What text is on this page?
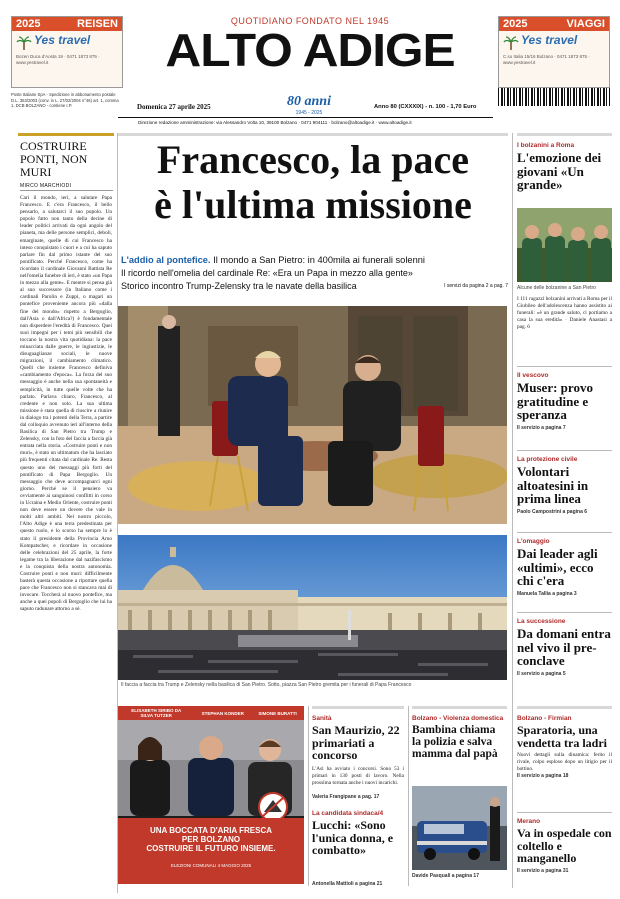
2025	REISEN
Yes travel
Bozen Duca d'Aosta 19 · 0471 1873 875 · www.yestravel.it
2025	VIAGGI
Yes travel
C.so Italia 15/16 Bolzano · 0471 1873 875 · www.yestravel.it
QUOTIDIANO FONDATO NEL 1945
ALTO ADIGE
Poste Italiane SpA - Spedizione in abbonamento postale D.L. 353/2003 (conv. in L. 27/02/2004 n°46) art. 1, comma 1, DCB BOLZANO - contiene I.P.	Domenica 27 aprile 2025	80 anni
1945 - 2025
Anno 80 (CXXXIX) - n. 100 - 1,70 Euro
Direzione redazione amministrazione: via Alessandro Volta 10, 39100 Bolzano · 0471 904111 · bolzano@altoadige.it · www.altoadige.it
COSTRUIRE PONTI, NON MURI
MIRCO MARCHIODI
Cari il mondo, ieri, a salutare Papa Francesco. E c'era Francesco, il bello pensarlo, a salutarci il suo popolo. Un popolo fatto non tanto della decine di leader politici arrivati da ogni angolo del pianeta, ma delle persone semplici, deboli, emarginate, quelle di cui Francesco ha inteso conquistato i cuori e a cui ha saputo parlare fin dal primo istante del suo pontificato. Perché Francesco, come ha ricordato il cardinale Giovanni Battista Re nell'omelia funebre di ieri, è stato «un Papa in mezzo alla gente». E mentre si pensa già al suo successore (in Italiano come i cardinali Parolin e Zuppi, o magari un pontefice proveniente ancora più «dalla fine del mondo» rispetto a Bergoglio, dall'Asia o dall'Africa?) è fondamentale non disperdere l'eredità di Francesco. Quei suoi impegni per i temi più sensibili che toccano la nostra vita quotidiana: la pace minacciata dalle guerre, le ingiustizie, le disuguaglianze sociali, le nuove migrazioni, il cambiamento climatico. Quelli che insieme Francesco definiva «cambiamento d'epoca». La forza del suo messaggio è anche nella sua spontaneità e semplicità, in tutte quelle volte che ha parlato. Parlava chiaro, Francesco, al credente e non solo. La sua ultima missione è stata quella di riuscire a riunire in dialogo tra i potenti della Terra, a partire dal colloquio avvenuto ieri all'interno della Basilica di San Pietro tra Trump e Zelensky, con la foto del faccia a faccia già entrata nella storia. «Costruire ponti e non muri», è stato un ultimatum che ha lasciato più frequenti citata dal cardinale Re. Resta questo uno dei messaggi più forti del pontificato di Papa Bergoglio. Un messaggio che deve accompagnarci ogni giorno. Perché se il pensiero va ovviamente ai sanguinosi conflitti in corso in Ucraina e Medio Oriente, costruire ponti non deve essere un dovere che vale in molti altri ambiti. Nel nostro piccolo, l'Alto Adige è una terra predestinata per questo ruolo, e lo scorso ha sempre lo è stato il presidente della Provincia Arno Kompatscher, e ricordare in occasione delle celebrazioni del 25 aprile, la forte legame tra la liberazione dal nazifascismo e la conquista della nostra autonomia. Costruire ponti e non muri: difficilmente basterà questa occasione a riportare quella pace che Francesco non si stancava mai di invocare. Toccherà al nuovo pontefice, ma anche a quei popoli di Bergoglio che lui ha saputo radunare attorno a sé.
Francesco, la pace
è l'ultima missione
L'addio al pontefice. Il mondo a San Pietro: in 400mila ai funerali solenni
Il ricordo nell'omelia del cardinale Re: «Era un Papa in mezzo alla gente»
Storico incontro Trump-Zelensky tra le navate della basilica	I servizi da pagina 2 a pag. 7
Il faccia a faccia tra Trump e Zelensky nella basilica di San Pietro. Sotto, piazza San Pietro gremita per i funerali di Papa Francesco
ELISABETH SIRIBO DA SILVA TUTZER	STEPHAN KONDER	SIMONE BURATTI
UNA BOCCATA D'ARIA FRESCA
PER BOLZANO
COSTRUIRE IL FUTURO INSIEME.
ELEZIONI COMUNALI 4 MAGGIO 2025
Sanità
San Maurizio, 22 primariati a concorso
L'Asl ha avviato i concorsi. Sono 53 i primari in 130 posti di lavoro. Nella prossima tornata anche i nuovi incarichi.
Valeria Frangipane a pag. 17
La candidata sindaca/4
Lucchi: «Sono l'unica donna, e combatto»
Antonella Mattioli a pagina 21
Bolzano - Violenza domestica
Bambina chiama la polizia e salva mamma dal papà
Davide Pasquali a pagina 17
I bolzanini a Roma
L'emozione dei giovani «Un grande»
Alcune delle bolzanine a San Pietro
I 111 ragazzi bolzanini arrivati a Roma per il Giubileo dell'adolescenza hanno assistito ai funerali: «è un grande saluto, ci portiamo a casa la sua eredità» · Daniele Anastasi a pag. 6
Il vescovo
Muser: provo gratitudine e speranza
Il servizio a pagina 7
La protezione civile
Volontari altoatesini in prima linea
Paolo Campostrini a pagina 6
L'omaggio
Dai leader agli «ultimi», ecco chi c'era
Manuela Tallia a pagina 3
La successione
Da domani entra nel vivo il pre-conclave
Il servizio a pagina 5
Bolzano - Firmian
Sparatoria, una vendetta tra ladri
Nuovi dettagli sulla dinamica: ferito il rivale, colpo esploso dopo un litigio per il bottino.
Il servizio a pagina 18
Merano
Va in ospedale con coltello e manganello
Il servizio a pagina 31
